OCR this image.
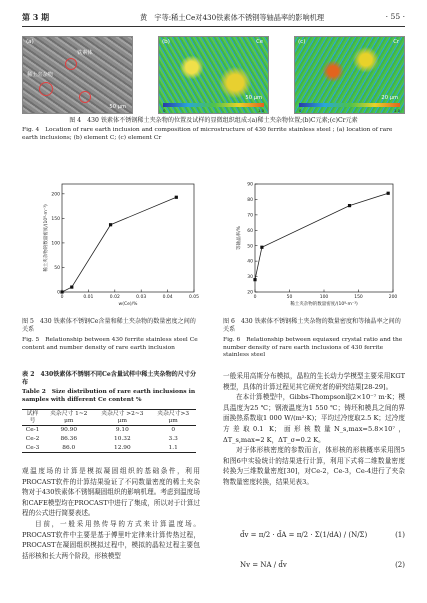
第 3 期	黄　宇等:稀土Ce对430铁素体不锈钢等轴晶率的影响机理	· 55 ·
(a)
铁素体
稀土夹杂物
50 μm
(b)	Ce
0	1.0
50 μm
(c)	Cr
0	1.0
20 μm
图 4　430 铁素体不锈钢稀土夹杂物的位置及试样的显微组织组成:(a)稀土夹杂物位置;(b)C元素;(c)Cr元素
Fig. 4　Location of rare earth inclusion and composition of microstructure of 430 ferrite stainless steel ; (a) location of rare earth inclusions; (b) element C; (c) element Cr
0	0.01	0.02	0.03	0.04	0.05
0
50
100
150
200
w(Ce)/%
稀土夹杂物的数量密度/(10⁸·m⁻³)
图 5　430 铁素体不锈钢Ce含量和稀土夹杂物的数量密度之间的关系
Fig. 5　Relationship between 430 ferrite stainless steel Ce content and number density of rare earth inclusion
0	50	100	150	200
20
30
40
50
60
70
80
90
稀土夹杂物的数量密度/(10⁸·m⁻³)
等轴晶率/%
图 6　430 铁素体不锈钢稀土夹杂物的数量密度和等轴晶率之间的关系
Fig. 6　Relationship between equiaxed crystal ratio and the number density of rare earth inclusions of 430 ferrite stainless steel
表 2　430铁素体不锈钢不同Ce含量试样中稀土夹杂物的尺寸分布
Table 2　Size distribution of rare earth inclusions in samples with different Ce content %
试样号	夹杂尺寸 1~2 μm	夹杂尺寸 >2~3 μm	夹杂尺寸>3 μm
Ce-1	90.90	9.10	0
Ce-2	86.36	10.32	3.3
Ce-3	86.0	12.90	1.1

观温度场的计算是模拟凝固组织的基础条件，利用PROCAST软件的计算结果验证了不同数量密度的稀土夹杂物对于430铁素体不锈钢凝固组织的影响机理。考虑到温度场和CAFE模型均在PROCAST中进行了集成，所以对于计算过程的公式进行简要表述。

目前，一般采用热传导的方式来计算温度场。PROCAST软件中主要是基于傅里叶定律来计算传热过程，PROCAST在凝固组织模拟过程中，模拟的晶粒过程主要包括形核和长大两个阶段，形核模型

一般采用高斯分布模拟，晶粒的生长动力学模型主要采用KGT模型，具体的计算过程见其它研究者的研究结果[28-29]。

在本计算模型中，Gibbs-Thompson取2×10⁻⁷ m·K；模具温度为25 ℃；钢液温度为1 550 ℃；铸坯和模具之间的界面换热系数取1 000 W/(m²·K)；平均过冷度取2.5 K；过冷度方差取0.1 K；面形核数量N_s,max=5.8×10⁷，ΔT_s,max=2 K，ΔT_σ=0.2 K。

对于体形核密度的参数而言，体形核的形核概率采用图5和图6中实验统计的结果进行计算，利用下式将二维数量密度转换为三维数量密度[30]，对Ce-2，Ce-3，Ce-4进行了夹杂物数量密度转换，结果见表3。

d̄v = π/2 · d̄A = π/2 · Σ(1/dA) / (N/Σ)	(1)
Nv = NA / d̄v	(2)
